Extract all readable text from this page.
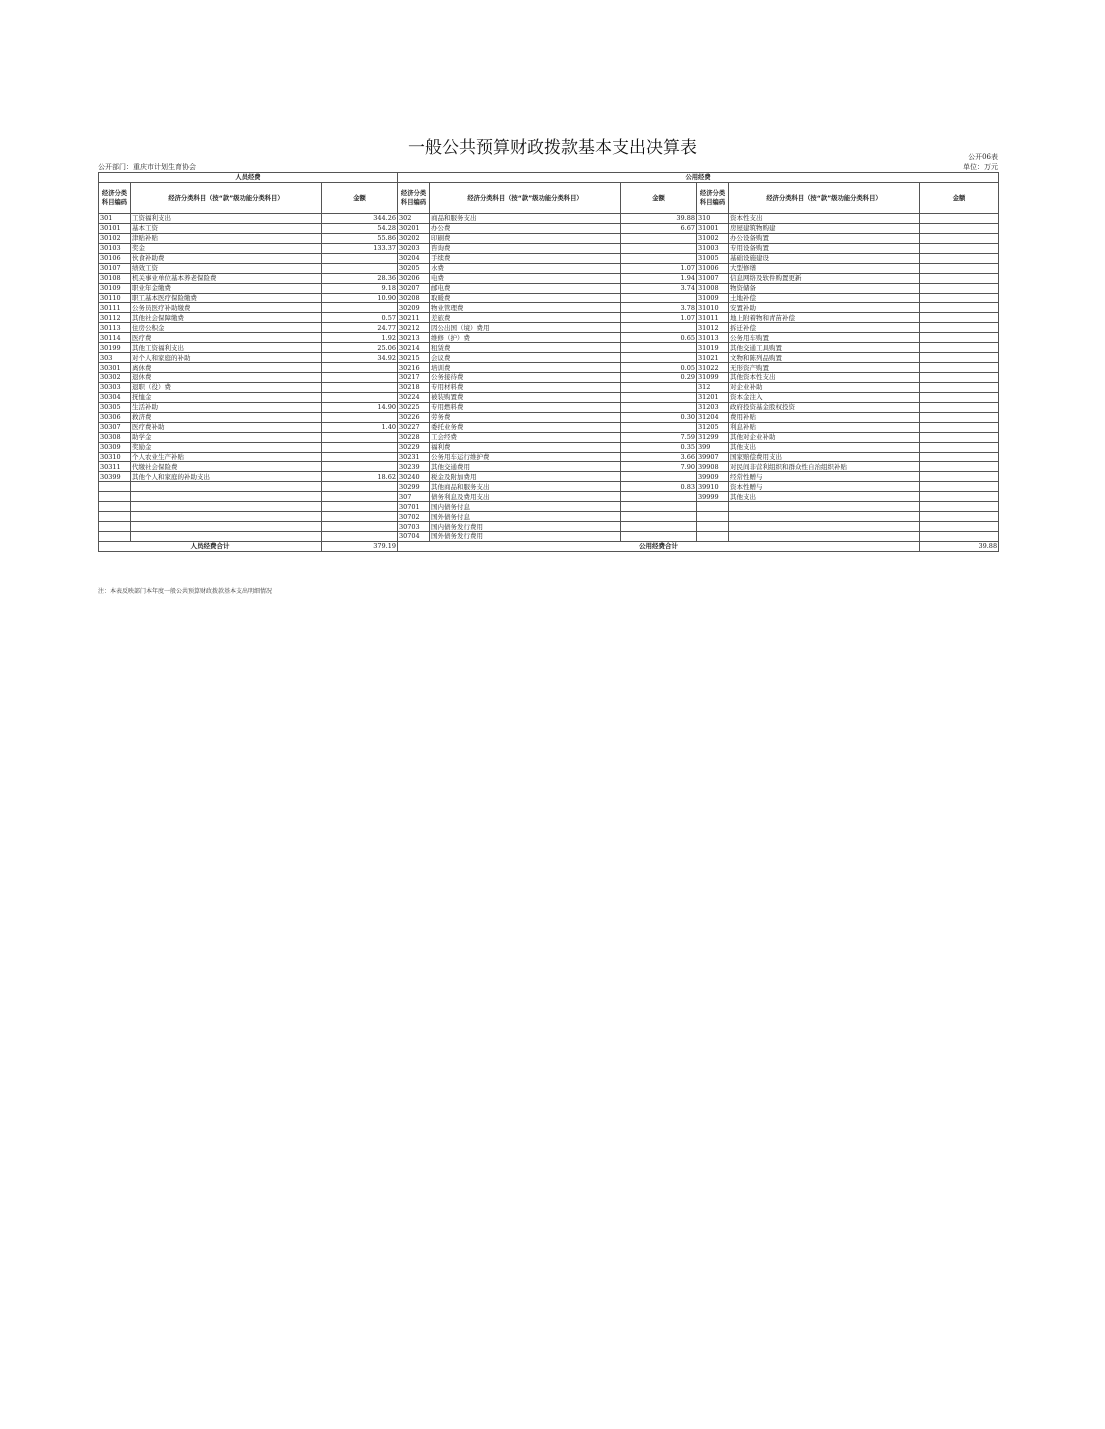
一般公共预算财政拨款基本支出决算表	公开06表
公开部门：重庆市计划生育协会	单位：万元
人员经费			公用经费					
经济分类科目编码	经济分类科目（按“款”级功能分类科目）	金额	经济分类科目编码	经济分类科目（按“款”级功能分类科目）	金额	经济分类科目编码	经济分类科目（按“款”级功能分类科目）	金额
301	工资福利支出	344.26	302	商品和服务支出	39.88	310	资本性支出	
30101	基本工资	54.28	30201	办公费	6.67	31001	房屋建筑物购建	
30102	津贴补贴	55.86	30202	印刷费		31002	办公设备购置	
30103	奖金	133.37	30203	咨询费		31003	专用设备购置	
30106	伙食补助费		30204	手续费		31005	基础设施建设	
30107	绩效工资		30205	水费	1.07	31006	大型修缮	
30108	机关事业单位基本养老保险费	28.36	30206	电费	1.94	31007	信息网络及软件购置更新	
30109	职业年金缴费	9.18	30207	邮电费	3.74	31008	物资储备	
30110	职工基本医疗保险缴费	10.90	30208	取暖费		31009	土地补偿	
30111	公务员医疗补助缴费		30209	物业管理费	3.78	31010	安置补助	
30112	其他社会保障缴费	0.57	30211	差旅费	1.07	31011	地上附着物和青苗补偿	
30113	住房公积金	24.77	30212	因公出国（境）费用		31012	拆迁补偿	
30114	医疗费	1.92	30213	维修（护）费	0.65	31013	公务用车购置	
30199	其他工资福利支出	25.06	30214	租赁费		31019	其他交通工具购置	
303	对个人和家庭的补助	34.92	30215	会议费		31021	文物和陈列品购置	
30301	离休费		30216	培训费	0.05	31022	无形资产购置	
30302	退休费		30217	公务接待费	0.29	31099	其他资本性支出	
30303	退职（役）费		30218	专用材料费		312	对企业补助	
30304	抚恤金		30224	被装购置费		31201	资本金注入	
30305	生活补助	14.90	30225	专用燃料费		31203	政府投资基金股权投资	
30306	救济费		30226	劳务费	0.30	31204	费用补贴	
30307	医疗费补助	1.40	30227	委托业务费		31205	利息补贴	
30308	助学金		30228	工会经费	7.59	31299	其他对企业补助	
30309	奖励金		30229	福利费	0.35	399	其他支出	
30310	个人农业生产补贴		30231	公务用车运行维护费	3.66	39907	国家赔偿费用支出	
30311	代缴社会保险费		30239	其他交通费用	7.90	39908	对民间非营利组织和群众性自治组织补贴	
30399	其他个人和家庭的补助支出	18.62	30240	税金及附加费用		39909	经常性赠与	
			30299	其他商品和服务支出	0.83	39910	资本性赠与	
			307	债务利息及费用支出		39999	其他支出	
			30701	国内债务付息				
			30702	国外债务付息				
			30703	国内债务发行费用				
			30704	国外债务发行费用				
人员经费合计		379.19	公用经费合计					39.88
注：本表反映部门本年度一般公共预算财政拨款基本支出明细情况
